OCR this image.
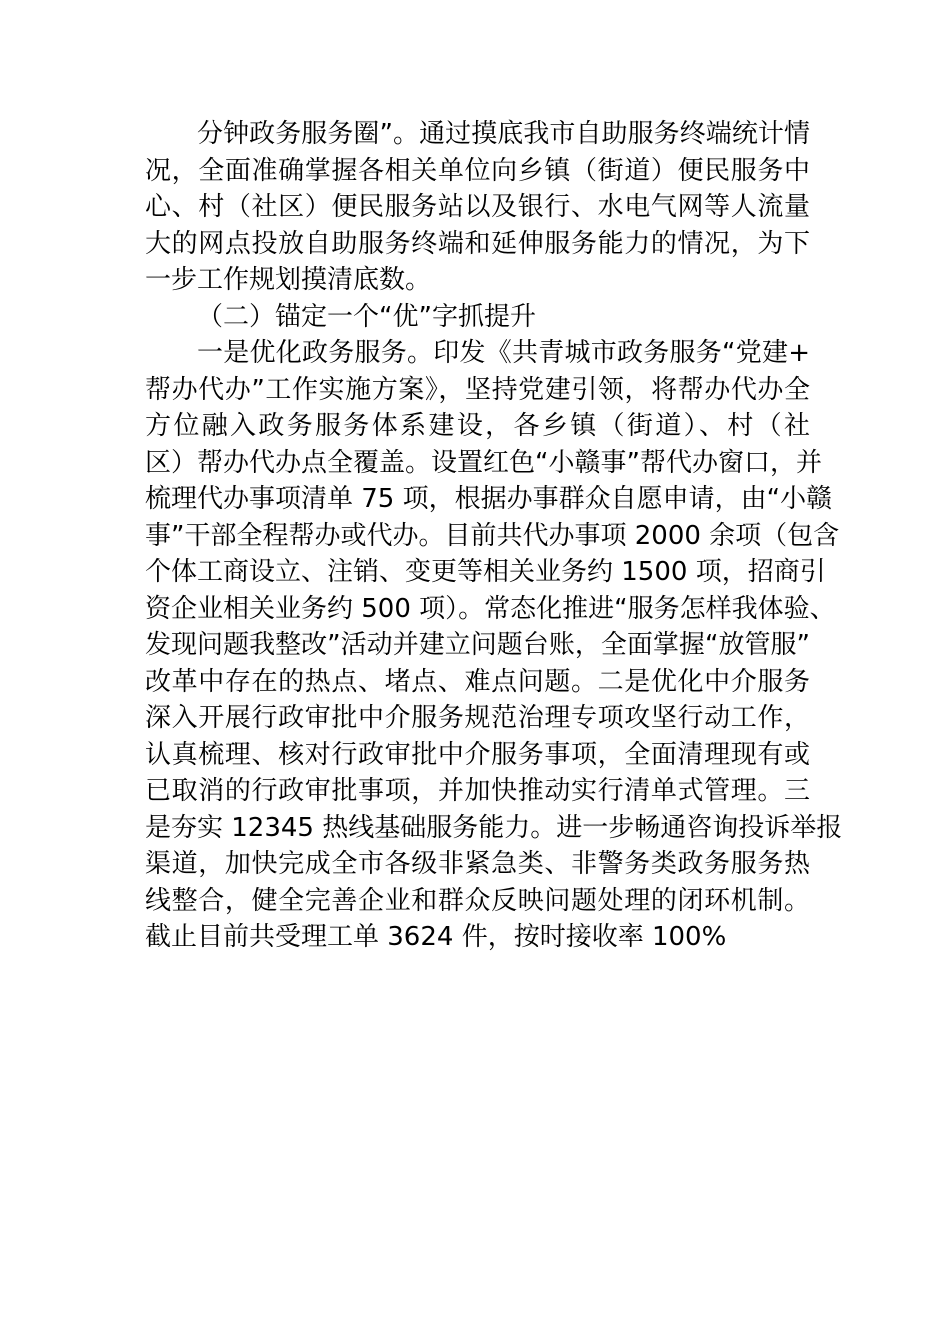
分钟政务服务圈”。通过摸底我市自助服务终端统计情
况，全面准确掌握各相关单位向乡镇（街道）便民服务中
心、村（社区）便民服务站以及银行、水电气网等人流量
大的网点投放自助服务终端和延伸服务能力的情况，为下
一步工作规划摸清底数。
（二）锚定一个“优”字抓提升
一是优化政务服务。印发《共青城市政务服务“党建+
帮办代办”工作实施方案》，坚持党建引领，将帮办代办全
方位融入政务服务体系建设，各乡镇（街道）、村（社
区）帮办代办点全覆盖。设置红色“小赣事”帮代办窗口，并
梳理代办事项清单 75 项，根据办事群众自愿申请，由“小赣
事”干部全程帮办或代办。目前共代办事项 2000 余项（包含
个体工商设立、注销、变更等相关业务约 1500 项，招商引
资企业相关业务约 500 项）。常态化推进“服务怎样我体验、
发现问题我整改”活动并建立问题台账，全面掌握“放管服”
改革中存在的热点、堵点、难点问题。二是优化中介服务
深入开展行政审批中介服务规范治理专项攻坚行动工作，
认真梳理、核对行政审批中介服务事项，全面清理现有或
已取消的行政审批事项，并加快推动实行清单式管理。三
是夯实 12345 热线基础服务能力。进一步畅通咨询投诉举报
渠道，加快完成全市各级非紧急类、非警务类政务服务热
线整合，健全完善企业和群众反映问题处理的闭环机制。
截止目前共受理工单 3624 件，按时接收率 100%
